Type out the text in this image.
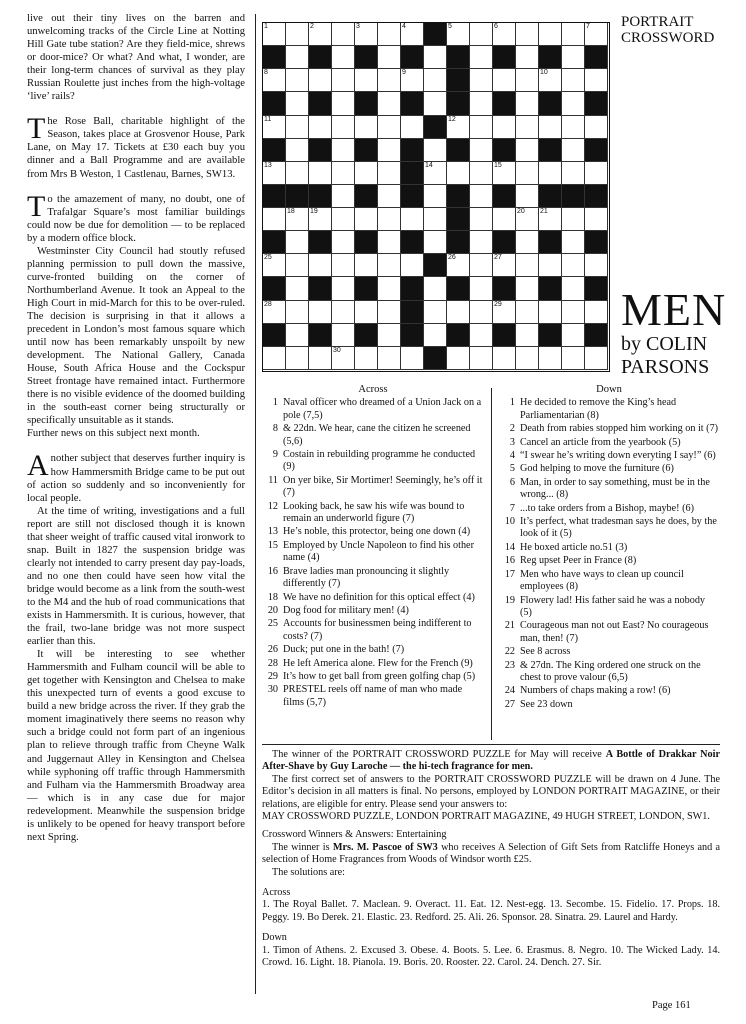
live out their tiny lives on the barren and unwelcoming tracks of the Circle Line at Notting Hill Gate tube station? Are they field-mice, shrews or door-mice? Or what? And what, I wonder, are their long-term chances of survival as they play Russian Roulette just inches from the high-voltage ‘live’ rails?

The Rose Ball, charitable highlight of the Season, takes place at Grosvenor House, Park Lane, on May 17. Tickets at £30 each buy you dinner and a Ball Programme and are available from Mrs B Weston, 1 Castlenau, Barnes, SW13.

To the amazement of many, no doubt, one of Trafalgar Square’s most familiar buildings could now be due for demolition — to be replaced by a modern office block.

Westminster City Council had stoutly refused planning permission to pull down the massive, curve-fronted building on the corner of Northumberland Avenue. It took an Appeal to the High Court in mid-March for this to be over-ruled. The decision is surprising in that it allows a precedent in London’s most famous square which until now has been remarkably unspoilt by new development. The National Gallery, Canada House, South Africa House and the Cockspur Street frontage have remained intact. Furthermore there is no visible evidence of the doomed building in the south-east corner being structurally or specifically unsuitable as it stands.

Further news on this subject next month.

Another subject that deserves further inquiry is how Hammersmith Bridge came to be put out of action so suddenly and so inconveniently for local people.

At the time of writing, investigations and a full report are still not disclosed though it is known that sheer weight of traffic caused vital ironwork to snap. Built in 1827 the suspension bridge was clearly not intended to carry present day pay-loads, and no one then could have seen how vital the bridge would become as a link from the south-west to the M4 and the hub of road communications that exists in Hammersmith. It is curious, however, that the frail, two-lane bridge was not more suspect earlier than this.

It will be interesting to see whether Hammersmith and Fulham council will be able to get together with Kensington and Chelsea to make this unexpected turn of events a good excuse to build a new bridge across the river. If they grab the moment imaginatively there seems no reason why such a bridge could not form part of an ingenious plan to relieve through traffic from Cheyne Walk and Juggernaut Alley in Kensington and Chelsea while syphoning off traffic through Hammersmith and Fulham via the Hammersmith Broadway area — which is in any case due for major redevelopment. Meanwhile the suspension bridge is unlikely to be opened for heavy transport before next Spring.

1	2	3	4	5	6	7
8	9	10
11	12
13	14	15
16	17
18 19	20 21
22	23	24
25	26	27
28	29
30
PORTRAIT
CROSSWORD
MEN
by COLIN
PARSONS
Across
1 Naval officer who dreamed of a Union Jack on a pole (7,5)
8 & 22dn. We hear, cane the citizen he screened (5,6)
9 Costain in rebuilding programme he conducted (9)
11 On yer bike, Sir Mortimer! Seemingly, he’s off it (7)
12 Looking back, he saw his wife was bound to remain an underworld figure (7)
13 He’s noble, this protector, being one down (4)
15 Employed by Uncle Napoleon to find his other name (4)
16 Brave ladies man pronouncing it slightly differently (7)
18 We have no definition for this optical effect (4)
20 Dog food for military men! (4)
25 Accounts for businessmen being indifferent to costs? (7)
26 Duck; put one in the bath! (7)
28 He left America alone. Flew for the French (9)
29 It’s how to get ball from green golfing chap (5)
30 PRESTEL reels off name of man who made films (5,7)
Down
1 He decided to remove the King’s head Parliamentarian (8)
2 Death from rabies stopped him working on it (7)
3 Cancel an article from the yearbook (5)
4 “I swear he’s writing down everyting I say!” (6)
5 God helping to move the furniture (6)
6 Man, in order to say something, must be in the wrong... (8)
7 ...to take orders from a Bishop, maybe! (6)
10 It’s perfect, what tradesman says he does, by the look of it (5)
14 He boxed article no.51 (3)
16 Reg upset Peer in France (8)
17 Men who have ways to clean up council employees (8)
19 Flowery lad! His father said he was a nobody (5)
21 Courageous man not out East? No courageous man, then! (7)
22 See 8 across
23 & 27dn. The King ordered one struck on the chest to prove valour (6,5)
24 Numbers of chaps making a row! (6)
27 See 23 down

The winner of the PORTRAIT CROSSWORD PUZZLE for May will receive A Bottle of Drakkar Noir After-Shave by Guy Laroche — the hi-tech fragrance for men.

The first correct set of answers to the PORTRAIT CROSSWORD PUZZLE will be drawn on 4 June. The Editor’s decision in all matters is final. No persons, employed by LONDON PORTRAIT MAGAZINE, or their relations, are eligible for entry. Please send your answers to:

MAY CROSSWORD PUZZLE, LONDON PORTRAIT MAGAZINE, 49 HUGH STREET, LONDON, SW1.

Crossword Winners & Answers: Entertaining

The winner is Mrs. M. Pascoe of SW3 who receives A Selection of Gift Sets from Ratcliffe Honeys and a selection of Home Fragrances from Woods of Windsor worth £25.

The solutions are:

Across

1. The Royal Ballet. 7. Maclean. 9. Overact. 11. Eat. 12. Nest-egg. 13. Secombe. 15. Fidelio. 17. Props. 18. Peggy. 19. Bo Derek. 21. Elastic. 23. Redford. 25. Ali. 26. Sponsor. 28. Sinatra. 29. Laurel and Hardy.

Down

1. Timon of Athens. 2. Excused 3. Obese. 4. Boots. 5. Lee. 6. Erasmus. 8. Negro. 10. The Wicked Lady. 14. Crowd. 16. Light. 18. Pianola. 19. Boris. 20. Rooster. 22. Carol. 24. Dench. 27. Sir.

Page 161
